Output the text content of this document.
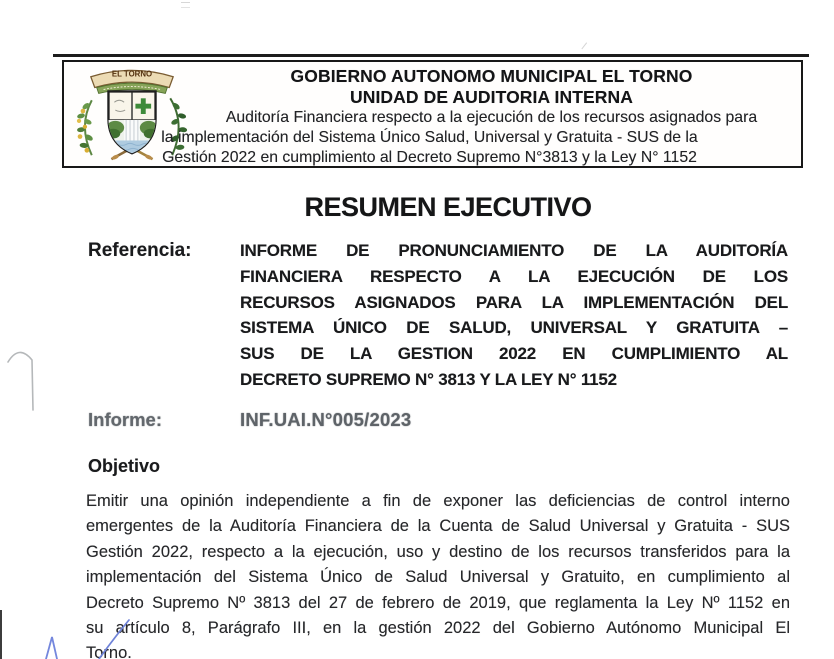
EL TORNO	GOBIERNO AUTONOMO MUNICIPAL EL TORNO
UNIDAD DE AUDITORIA INTERNA
Auditoría Financiera respecto a la ejecución de los recursos asignados para
la implementación del Sistema Único Salud, Universal y Gratuita - SUS de la
Gestión 2022 en cumplimiento al Decreto Supremo N°3813 y la Ley N° 1152
RESUMEN EJECUTIVO
Referencia:	INFORME DE PRONUNCIAMIENTO DE LA AUDITORÍA
FINANCIERA RESPECTO A LA EJECUCIÓN DE LOS
RECURSOS ASIGNADOS PARA LA IMPLEMENTACIÓN DEL
SISTEMA ÚNICO DE SALUD, UNIVERSAL Y GRATUITA –
SUS DE LA GESTION 2022 EN CUMPLIMIENTO AL
DECRETO SUPREMO N° 3813 Y LA LEY N° 1152
Informe:	INF.UAI.N°005/2023
Objetivo
Emitir una opinión independiente a fin de exponer las deficiencias de control interno
emergentes de la Auditoría Financiera de la Cuenta de Salud Universal y Gratuita - SUS
Gestión 2022, respecto a la ejecución, uso y destino de los recursos transferidos para la
implementación del Sistema Único de Salud Universal y Gratuito, en cumplimiento al
Decreto Supremo Nº 3813 del 27 de febrero de 2019, que reglamenta la Ley Nº 1152 en
su artículo 8, Parágrafo III, en la gestión 2022 del Gobierno Autónomo Municipal El
Torno.
